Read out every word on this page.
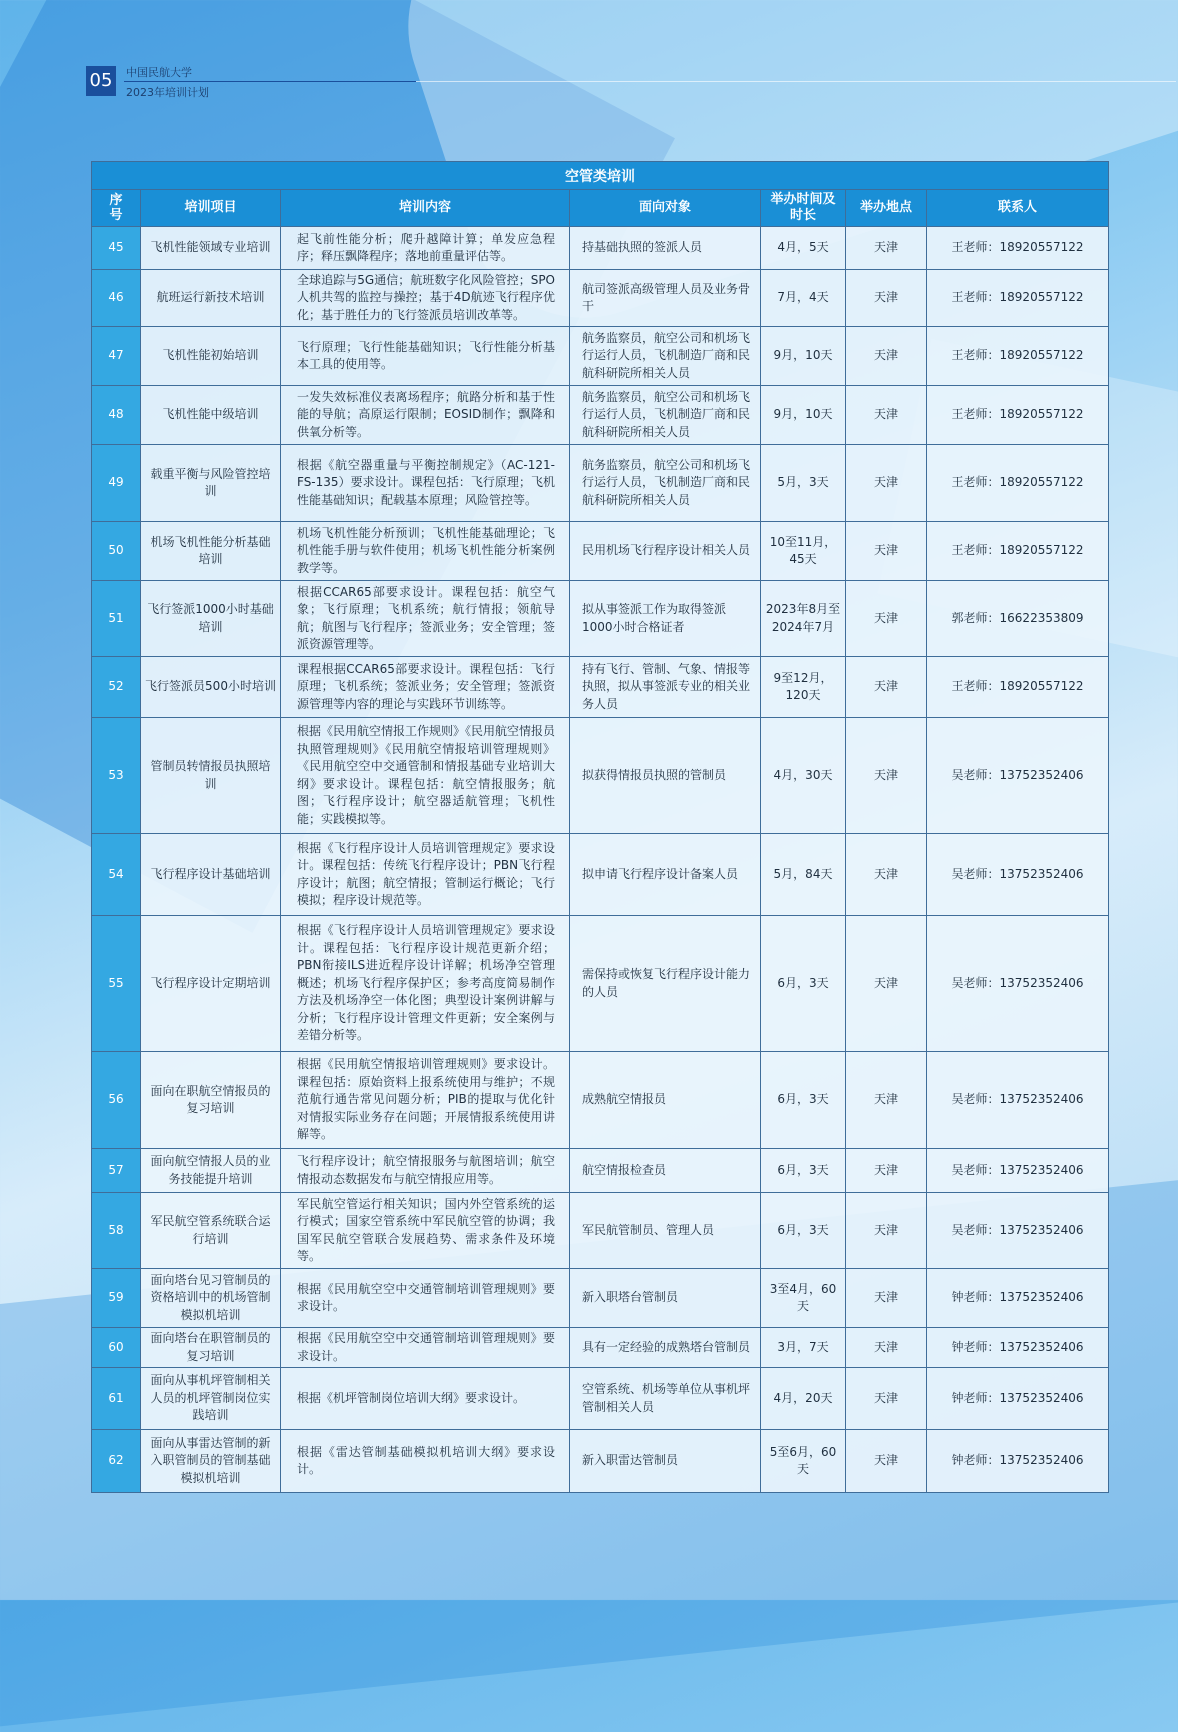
05	中国民航大学
2023年培训计划
空管类培训						
序号	培训项目	培训内容	面向对象	举办时间及时长	举办地点	联系人
45	飞机性能领域专业培训	起飞前性能分析；爬升越障计算；单发应急程序；释压飘降程序；落地前重量评估等。	持基础执照的签派人员	4月，5天	天津	王老师：18920557122
46	航班运行新技术培训	全球追踪与5G通信；航班数字化风险管控；SPO人机共驾的监控与操控；基于4D航迹飞行程序优化；基于胜任力的飞行签派员培训改革等。	航司签派高级管理人员及业务骨干	7月，4天	天津	王老师：18920557122
47	飞机性能初始培训	飞行原理；飞行性能基础知识；飞行性能分析基本工具的使用等。	航务监察员，航空公司和机场飞行运行人员，飞机制造厂商和民航科研院所相关人员	9月，10天	天津	王老师：18920557122
48	飞机性能中级培训	一发失效标准仪表离场程序；航路分析和基于性能的导航；高原运行限制；EOSID制作；飘降和供氧分析等。	航务监察员，航空公司和机场飞行运行人员，飞机制造厂商和民航科研院所相关人员	9月，10天	天津	王老师：18920557122
49	载重平衡与风险管控培训	根据《航空器重量与平衡控制规定》（AC-121-FS-135）要求设计。课程包括：飞行原理；飞机性能基础知识；配载基本原理；风险管控等。	航务监察员，航空公司和机场飞行运行人员，飞机制造厂商和民航科研院所相关人员	5月，3天	天津	王老师：18920557122
50	机场飞机性能分析基础培训	机场飞机性能分析预训；飞机性能基础理论；飞机性能手册与软件使用；机场飞机性能分析案例教学等。	民用机场飞行程序设计相关人员	10至11月，45天	天津	王老师：18920557122
51	飞行签派1000小时基础培训	根据CCAR65部要求设计。课程包括：航空气象；飞行原理；飞机系统；航行情报；领航导航；航图与飞行程序；签派业务；安全管理；签派资源管理等。	拟从事签派工作为取得签派1000小时合格证者	2023年8月至2024年7月	天津	郭老师：16622353809
52	飞行签派员500小时培训	课程根据CCAR65部要求设计。课程包括：飞行原理；飞机系统；签派业务；安全管理；签派资源管理等内容的理论与实践环节训练等。	持有飞行、管制、气象、情报等执照，拟从事签派专业的相关业务人员	9至12月，120天	天津	王老师：18920557122
53	管制员转情报员执照培训	根据《民用航空情报工作规则》《民用航空情报员执照管理规则》《民用航空情报培训管理规则》《民用航空空中交通管制和情报基础专业培训大纲》要求设计。课程包括：航空情报服务；航图；飞行程序设计；航空器适航管理；飞机性能；实践模拟等。	拟获得情报员执照的管制员	4月，30天	天津	吴老师：13752352406
54	飞行程序设计基础培训	根据《飞行程序设计人员培训管理规定》要求设计。课程包括：传统飞行程序设计；PBN飞行程序设计；航图；航空情报；管制运行概论；飞行模拟；程序设计规范等。	拟申请飞行程序设计备案人员	5月，84天	天津	吴老师：13752352406
55	飞行程序设计定期培训	根据《飞行程序设计人员培训管理规定》要求设计。课程包括：飞行程序设计规范更新介绍；PBN衔接ILS进近程序设计详解；机场净空管理概述；机场飞行程序保护区；参考高度简易制作方法及机场净空一体化图；典型设计案例讲解与分析；飞行程序设计管理文件更新；安全案例与差错分析等。	需保持或恢复飞行程序设计能力的人员	6月，3天	天津	吴老师：13752352406
56	面向在职航空情报员的复习培训	根据《民用航空情报培训管理规则》要求设计。课程包括：原始资料上报系统使用与维护；不规范航行通告常见问题分析；PIB的提取与优化针对情报实际业务存在问题；开展情报系统使用讲解等。	成熟航空情报员	6月，3天	天津	吴老师：13752352406
57	面向航空情报人员的业务技能提升培训	飞行程序设计；航空情报服务与航图培训；航空情报动态数据发布与航空情报应用等。	航空情报检查员	6月，3天	天津	吴老师：13752352406
58	军民航空管系统联合运行培训	军民航空管运行相关知识；国内外空管系统的运行模式；国家空管系统中军民航空管的协调；我国军民航空管联合发展趋势、需求条件及环境等。	军民航管制员、管理人员	6月，3天	天津	吴老师：13752352406
59	面向塔台见习管制员的资格培训中的机场管制模拟机培训	根据《民用航空空中交通管制培训管理规则》要求设计。	新入职塔台管制员	3至4月，60天	天津	钟老师：13752352406
60	面向塔台在职管制员的复习培训	根据《民用航空空中交通管制培训管理规则》要求设计。	具有一定经验的成熟塔台管制员	3月，7天	天津	钟老师：13752352406
61	面向从事机坪管制相关人员的机坪管制岗位实践培训	根据《机坪管制岗位培训大纲》要求设计。	空管系统、机场等单位从事机坪管制相关人员	4月，20天	天津	钟老师：13752352406
62	面向从事雷达管制的新入职管制员的管制基础模拟机培训	根据《雷达管制基础模拟机培训大纲》要求设计。	新入职雷达管制员	5至6月，60天	天津	钟老师：13752352406
